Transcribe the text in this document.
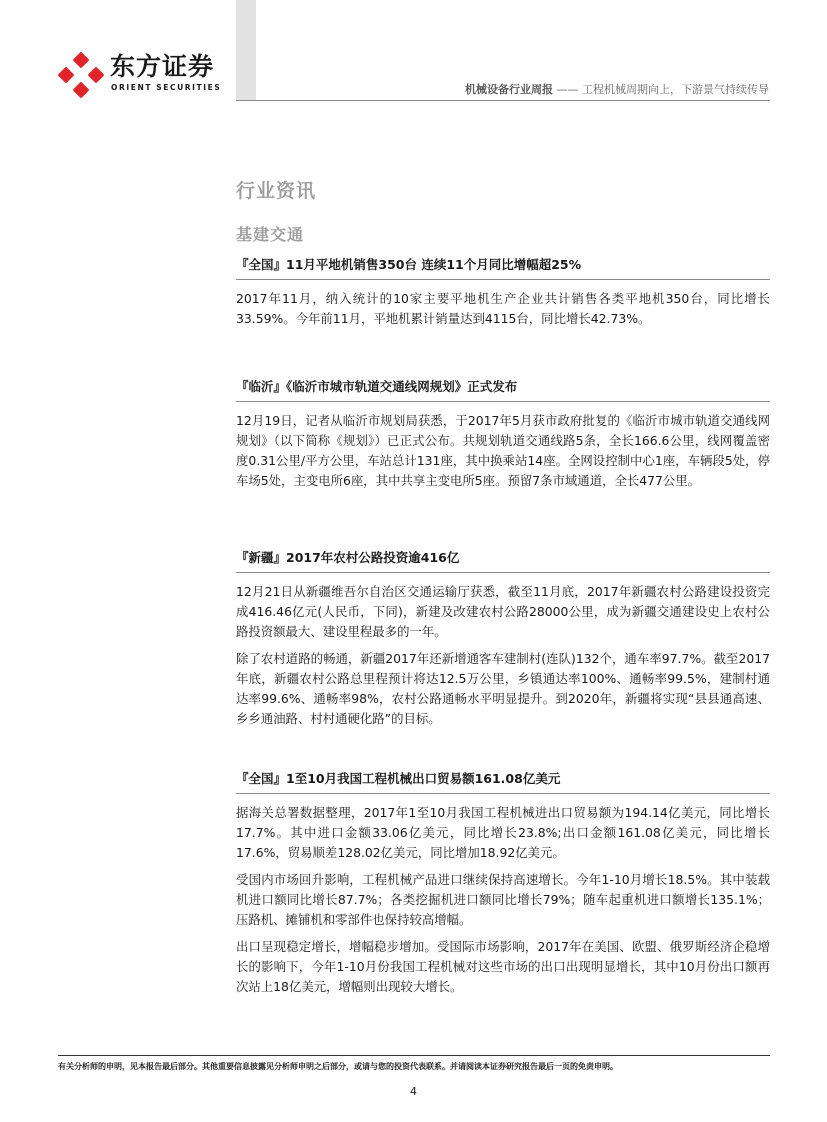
东方证券
ORIENT SECURITIES	机械设备行业周报 —— 工程机械周期向上，下游景气持续传导
行业资讯
基建交通
『全国』11月平地机销售350台 连续11个月同比增幅超25%

2017年11月，纳入统计的10家主要平地机生产企业共计销售各类平地机350台，同比增长33.59%。今年前11月，平地机累计销量达到4115台，同比增长42.73%。

『临沂』《临沂市城市轨道交通线网规划》正式发布

12月19日，记者从临沂市规划局获悉，于2017年5月获市政府批复的《临沂市城市轨道交通线网规划》（以下简称《规划》）已正式公布。共规划轨道交通线路5条，全长166.6公里，线网覆盖密度0.31公里/平方公里，车站总计131座，其中换乘站14座。全网设控制中心1座，车辆段5处，停车场5处，主变电所6座，其中共享主变电所5座。预留7条市域通道，全长477公里。

『新疆』2017年农村公路投资逾416亿

12月21日从新疆维吾尔自治区交通运输厅获悉，截至11月底，2017年新疆农村公路建设投资完成416.46亿元(人民币，下同)，新建及改建农村公路28000公里，成为新疆交通建设史上农村公路投资额最大、建设里程最多的一年。

除了农村道路的畅通，新疆2017年还新增通客车建制村(连队)132个，通车率97.7%。截至2017年底，新疆农村公路总里程预计将达12.5万公里，乡镇通达率100%、通畅率99.5%，建制村通达率99.6%、通畅率98%，农村公路通畅水平明显提升。到2020年，新疆将实现“县县通高速、乡乡通油路、村村通硬化路”的目标。

『全国』1至10月我国工程机械出口贸易额161.08亿美元

据海关总署数据整理，2017年1至10月我国工程机械进出口贸易额为194.14亿美元，同比增长17.7%。其中进口金额33.06亿美元，同比增长23.8%;出口金额161.08亿美元，同比增长17.6%，贸易顺差128.02亿美元，同比增加18.92亿美元。

受国内市场回升影响，工程机械产品进口继续保持高速增长。今年1-10月增长18.5%。其中装载机进口额同比增长87.7%；各类挖掘机进口额同比增长79%；随车起重机进口额增长135.1%；压路机、摊铺机和零部件也保持较高增幅。

出口呈现稳定增长，增幅稳步增加。受国际市场影响，2017年在美国、欧盟、俄罗斯经济企稳增长的影响下，今年1-10月份我国工程机械对这些市场的出口出现明显增长，其中10月份出口额再次站上18亿美元，增幅则出现较大增长。

有关分析师的申明，见本报告最后部分。其他重要信息披露见分析师申明之后部分，或请与您的投资代表联系。并请阅读本证券研究报告最后一页的免责申明。
4
